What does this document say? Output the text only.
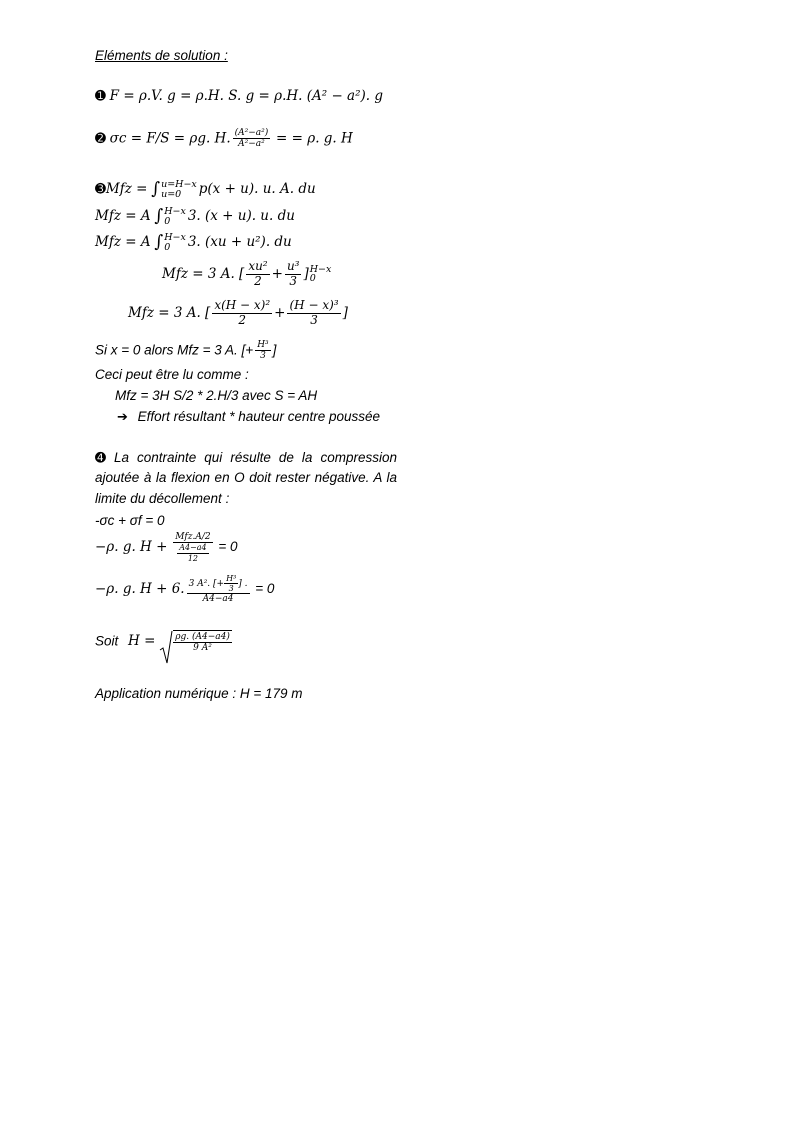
Eléments de solution :
➊ F = ρ.V. g = ρ.H. S. g = ρ.H. (A² − a²). g
➋ σc = F/S = ρg. H. $\frac{\text{(A²−a²)}}{\text{A²−a²}}$ = = ρ. g. H
➌Mfz = ∫ u=H−x
u=0	p(x + u). u. A. du
Mfz = A ∫ H−x
0	3. (x + u). u. du
Mfz = A ∫ H−x
0	3. (xu + u²). du
Mfz = 3 A. [ $\frac{\text{xu²}}{2} + \frac{\text{u³}}{3}$ ] H−x
0
Mfz = 3 A. [ $\frac{\text{x(H − x)²}}{2} + \frac{\text{(H − x)³}}{3}$ ]
Si x = 0 alors Mfz = 3 A. [+ $\frac{\text{H³}}{3}$ ]
Ceci peut être lu comme :
Mfz = 3H S/2 * 2.H/3 avec S = AH
➔ Effort résultant * hauteur centre poussée
➍ La contrainte qui résulte de la compression
ajoutée à la flexion en O doit rester négative. A la
limite du décollement :
-σc + σf = 0
−ρ. g. $H + \frac{\text{Mfz.A/2}}{\frac{A4-a4}{12}} = 0$
−ρ. g. H + 6. $\frac{3 A^2. [+ \frac{\text{H³}}{3} ] .}{A4-a4} = 0$
Soit $H = \frac{\rho g. (A4-a4)}{\text{9 A²}}$
Application numérique : H = 179 m
